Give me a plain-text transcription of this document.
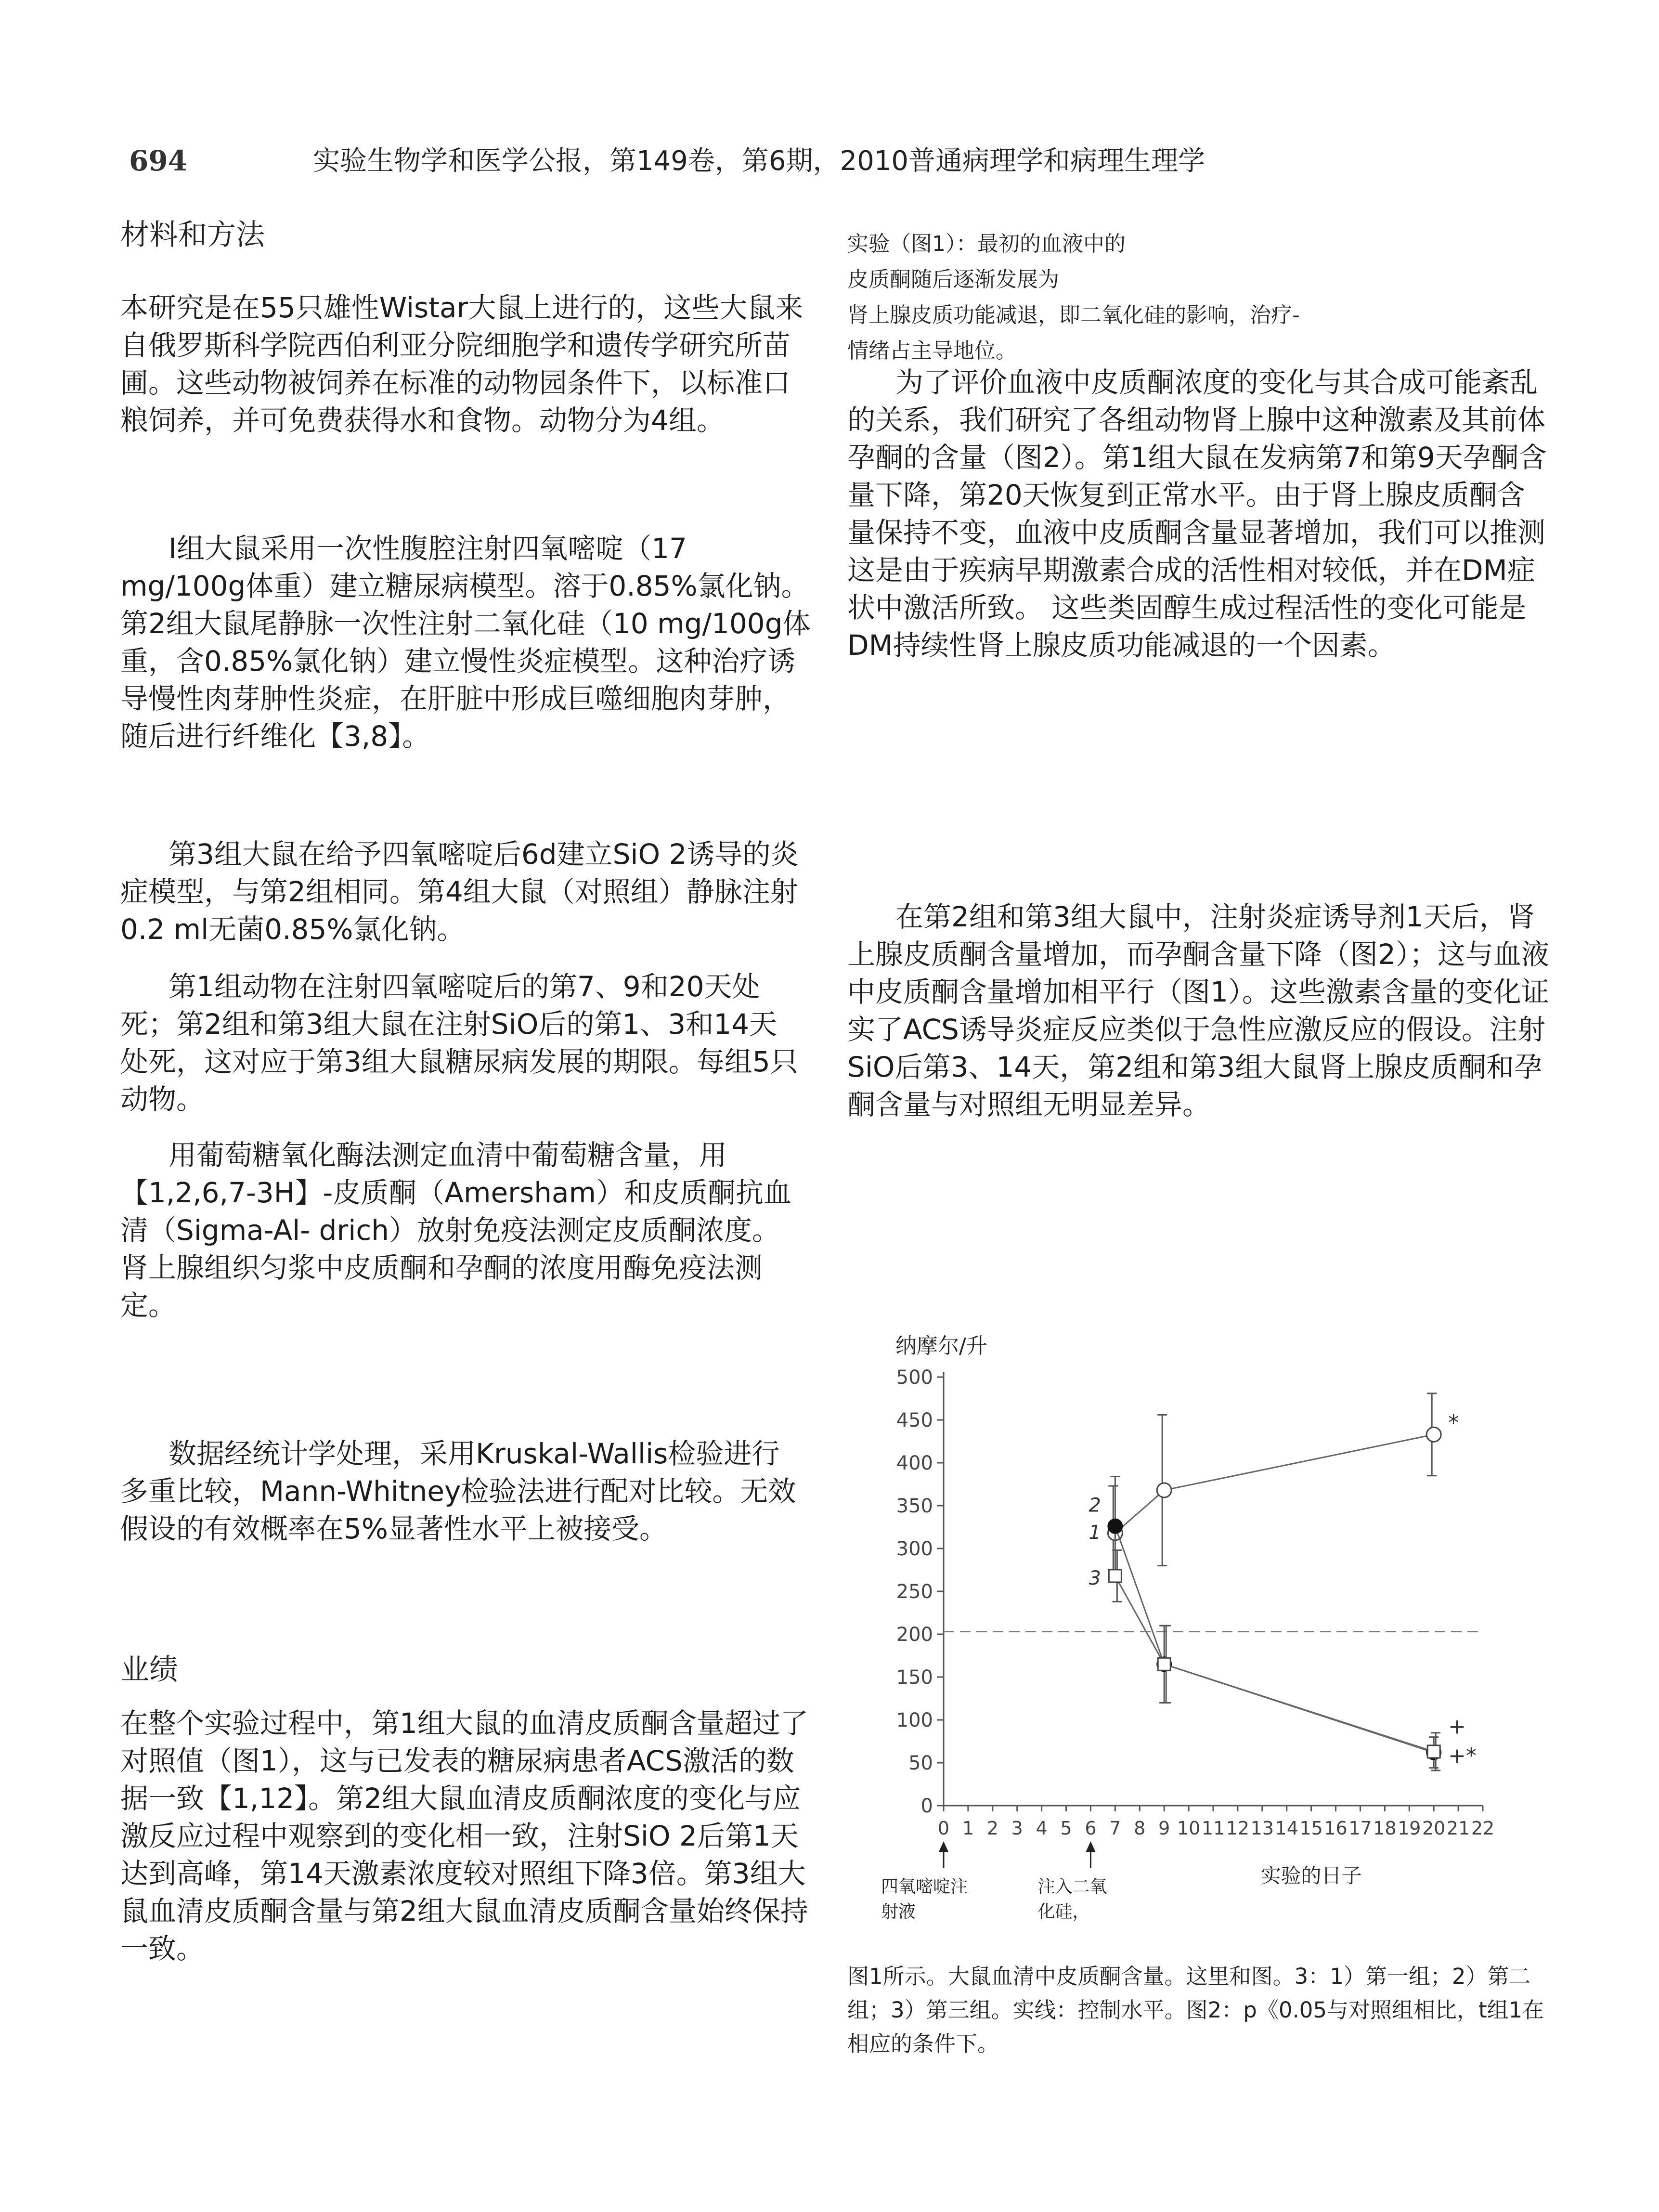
694	实验生物学和医学公报，第149卷，第6期，2010普通病理学和病理生理学
材料和方法
本研究是在55只雄性Wistar大鼠上进行的，这些大鼠来自俄罗斯科学院西伯利亚分院细胞学和遗传学研究所苗圃。这些动物被饲养在标准的动物园条件下，以标准口粮饲养，并可免费获得水和食物。动物分为4组。
I组大鼠采用一次性腹腔注射四氧嘧啶（17 mg/100g体重）建立糖尿病模型。溶于0.85%氯化钠。第2组大鼠尾静脉一次性注射二氧化硅（10 mg/100g体重，含0.85%氯化钠）建立慢性炎症模型。这种治疗诱导慢性肉芽肿性炎症，在肝脏中形成巨噬细胞肉芽肿，随后进行纤维化【3,8】。
第3组大鼠在给予四氧嘧啶后6d建立SiO 2诱导的炎症模型，与第2组相同。第4组大鼠（对照组）静脉注射0.2 ml无菌0.85%氯化钠。
第1组动物在注射四氧嘧啶后的第7、9和20天处死；第2组和第3组大鼠在注射SiO后的第1、3和14天处死，这对应于第3组大鼠糖尿病发展的期限。每组5只动物。
用葡萄糖氧化酶法测定血清中葡萄糖含量，用【1,2,6,7-3H】-皮质酮（Amersham）和皮质酮抗血清（Sigma-Al- drich）放射免疫法测定皮质酮浓度。肾上腺组织匀浆中皮质酮和孕酮的浓度用酶免疫法测定。
数据经统计学处理，采用Kruskal-Wallis检验进行多重比较，Mann-Whitney检验法进行配对比较。无效假设的有效概率在5%显著性水平上被接受。
业绩
在整个实验过程中，第1组大鼠的血清皮质酮含量超过了对照值（图1），这与已发表的糖尿病患者ACS激活的数据一致【1,12】。第2组大鼠血清皮质酮浓度的变化与应激反应过程中观察到的变化相一致，注射SiO 2后第1天达到高峰，第14天激素浓度较对照组下降3倍。第3组大鼠血清皮质酮含量与第2组大鼠血清皮质酮含量始终保持一致。
实验（图1）：最初的血液中的
皮质酮随后逐渐发展为
肾上腺皮质功能减退，即二氧化硅的影响，治疗-
情绪占主导地位。
为了评价血液中皮质酮浓度的变化与其合成可能紊乱的关系，我们研究了各组动物肾上腺中这种激素及其前体孕酮的含量（图2）。第1组大鼠在发病第7和第9天孕酮含量下降，第20天恢复到正常水平。由于肾上腺皮质酮含量保持不变，血液中皮质酮含量显著增加，我们可以推测这是由于疾病早期激素合成的活性相对较低，并在DM症状中激活所致。 这些类固醇生成过程活性的变化可能是DM持续性肾上腺皮质功能减退的一个因素。
在第2组和第3组大鼠中，注射炎症诱导剂1天后，肾上腺皮质酮含量增加，而孕酮含量下降（图2）；这与血液中皮质酮含量增加相平行（图1）。这些激素含量的变化证实了ACS诱导炎症反应类似于急性应激反应的假设。注射SiO后第3、14天，第2组和第3组大鼠肾上腺皮质酮和孕酮含量与对照组无明显差异。
0
50
100
150
200
250
300
350
400
450
500
0 1 2 3 4 5 6 7 8 9 10 11 12 13 14 15 16 17 18 19 20 21 22
纳摩尔/升
实验的日子
四氧嘧啶注射液
注入二氧化硅，
1
2
3
*
+
+*
图1所示。大鼠血清中皮质酮含量。这里和图。3：1）第一组；2）第二组；3）第三组。实线：控制水平。图2：p《0.05与对照组相比，t组1在相应的条件下。
